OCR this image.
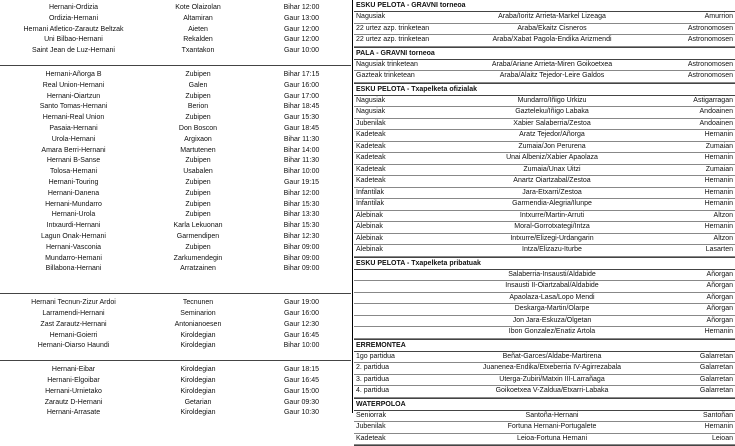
Hernani-Ordizia	Kote Olaizolan	Bihar 12:00
Ordizia-Hernani	Altamiran	Gaur 13:00
Hernani Atletico-Zarautz Beltzak	Aieten	Gaur 12:00
Uni Bilbao-Hernani	Rekalden	Gaur 12:00
Saint Jean de Luz-Hernani	Txantakon	Gaur 10:00
Hernani-Añorga B	Zubipen	Bihar 17:15
Real Union-Hernani	Galen	Gaur 16:00
Hernani-Oiartzun	Zubipen	Gaur 17:00
Santo Tomas-Hernani	Berion	Bihar 18:45
Hernani-Real Union	Zubipen	Gaur 15:30
Pasaia-Hernani	Don Boscon	Gaur 18:45
Urola-Hernani	Argixaon	Bihar 11:30
Amara Berri-Hernani	Martutenen	Bihar 14:00
Hernani B-Sanse	Zubipen	Bihar 11:30
Tolosa-Hernani	Usabalen	Bihar 10:00
Hernani-Touring	Zubipen	Gaur 19:15
Hernani-Danena	Zubipen	Bihar 12:00
Hernani-Mundarro	Zubipen	Bihar 15:30
Hernani-Urola	Zubipen	Bihar 13:30
Intxaurdi-Hernani	Karla Lekuonan	Bihar 15:30
Lagun Onak-Hernani	Garmendipen	Bihar 12:30
Hernani-Vasconia	Zubipen	Bihar 09:00
Mundarro-Hernani	Zarkumendegin	Bihar 09:00
Billabona-Hernani	Arratzainen	Bihar 09:00
Hernani Tecnun-Zizur Ardoi	Tecnunen	Gaur 19:00
Larramendi-Hernani	Seminarion	Gaur 16:00
Zast Zarautz-Hernani	Antonianoesen	Gaur 12:30
Hernani-Goierri	Kiroldegian	Gaur 16:45
Hernani-Oiarso Haundi	Kiroldegian	Bihar 10:00
Hernani-Eibar	Kiroldegian	Gaur 18:15
Hernani-Elgoibar	Kiroldegian	Gaur 16:45
Hernani-Urnietako	Kiroldegian	Gaur 15:00
Zarautz D-Hernani	Getarian	Gaur 09:30
Hernani-Arrasate	Kiroldegian	Gaur 10:30
ESKU PELOTA - GRAVNI torneoa
Nagusiak	Araba/Ioritz Arrieta-Markel Lizeaga	Amurrion
22 urtez azp. trinketean	Araba/Ekaitz Cisneros	Astronomosen
22 urtez azp. trinketean	Araba/Xabat Pagola-Endika Arizmendi	Astronomosen
PALA - GRAVNI torneoa
Nagusiak trinketean	Araba/Ariane Arrieta-Miren Goikoetxea	Astronomosen
Gazteak trinketean	Araba/Alaitz Tejedor-Leire Galdos	Astronomosen
ESKU PELOTA - Txapelketa ofizialak
Nagusiak	Mundarro/Iñigo Urkizu	Astigarragan
Nagusiak	Gazteleku/Iñigo Labaka	Andoainen
Jubenilak	Xabier Salaberria/Zestoa	Andoainen
Kadeteak	Aratz Tejedor/Añorga	Hernanin
Kadeteak	Zumaia/Jon Perurena	Zumaian
Kadeteak	Unai Albeniz/Xabier Apaolaza	Hernanin
Kadeteak	Zumaia/Unax Uitzi	Zumaian
Kadeteak	Anartz Oiartzabal/Zestoa	Hernanin
Infantilak	Jara-Etxarri/Zestoa	Hernanin
Infantilak	Garmendia-Alegria/Ilunpe	Hernanin
Alebinak	Intxurre/Martin-Arruti	Altzon
Alebinak	Moral-Gorrotxategi/Intza	Hernanin
Alebinak	Intxurre/Elizegi-Urdangarin	Altzon
Alebinak	Intza/Elizazu-Iturbe	Lasarten
ESKU PELOTA - Txapelketa pribatuak
Salaberria-Insausti/Aldabide	Añorgan
Insausti II-Oiartzabal/Aldabide	Añorgan
Apaolaza-Lasa/Lopo Mendi	Añorgan
Deskarga-Martin/Olarpe	Añorgan
Jon Jara-Eskuza/Olgetan	Añorgan
Ibon Gonzalez/Enatiz Artola	Hernanin
ERREMONTEA
1go partidua	Beñat-Garces/Aldabe-Martirena	Galarretan
2. partidua	Juanenea-Endika/Etxeberria IV-Agirrezabala	Galarretan
3. partidua	Uterga-Zubiri/Matxin III-Larrañaga	Galarretan
4. partidua	Goikoetxea V-Zaldua/Etxarri-Labaka	Galarretan
WATERPOLOA
Seniorrak	Santoña-Hernani	Santoñan
Jubenilak	Fortuna Hernani-Portugalete	Hernanin
Kadeteak	Leioa-Fortuna Hernani	Leioan
